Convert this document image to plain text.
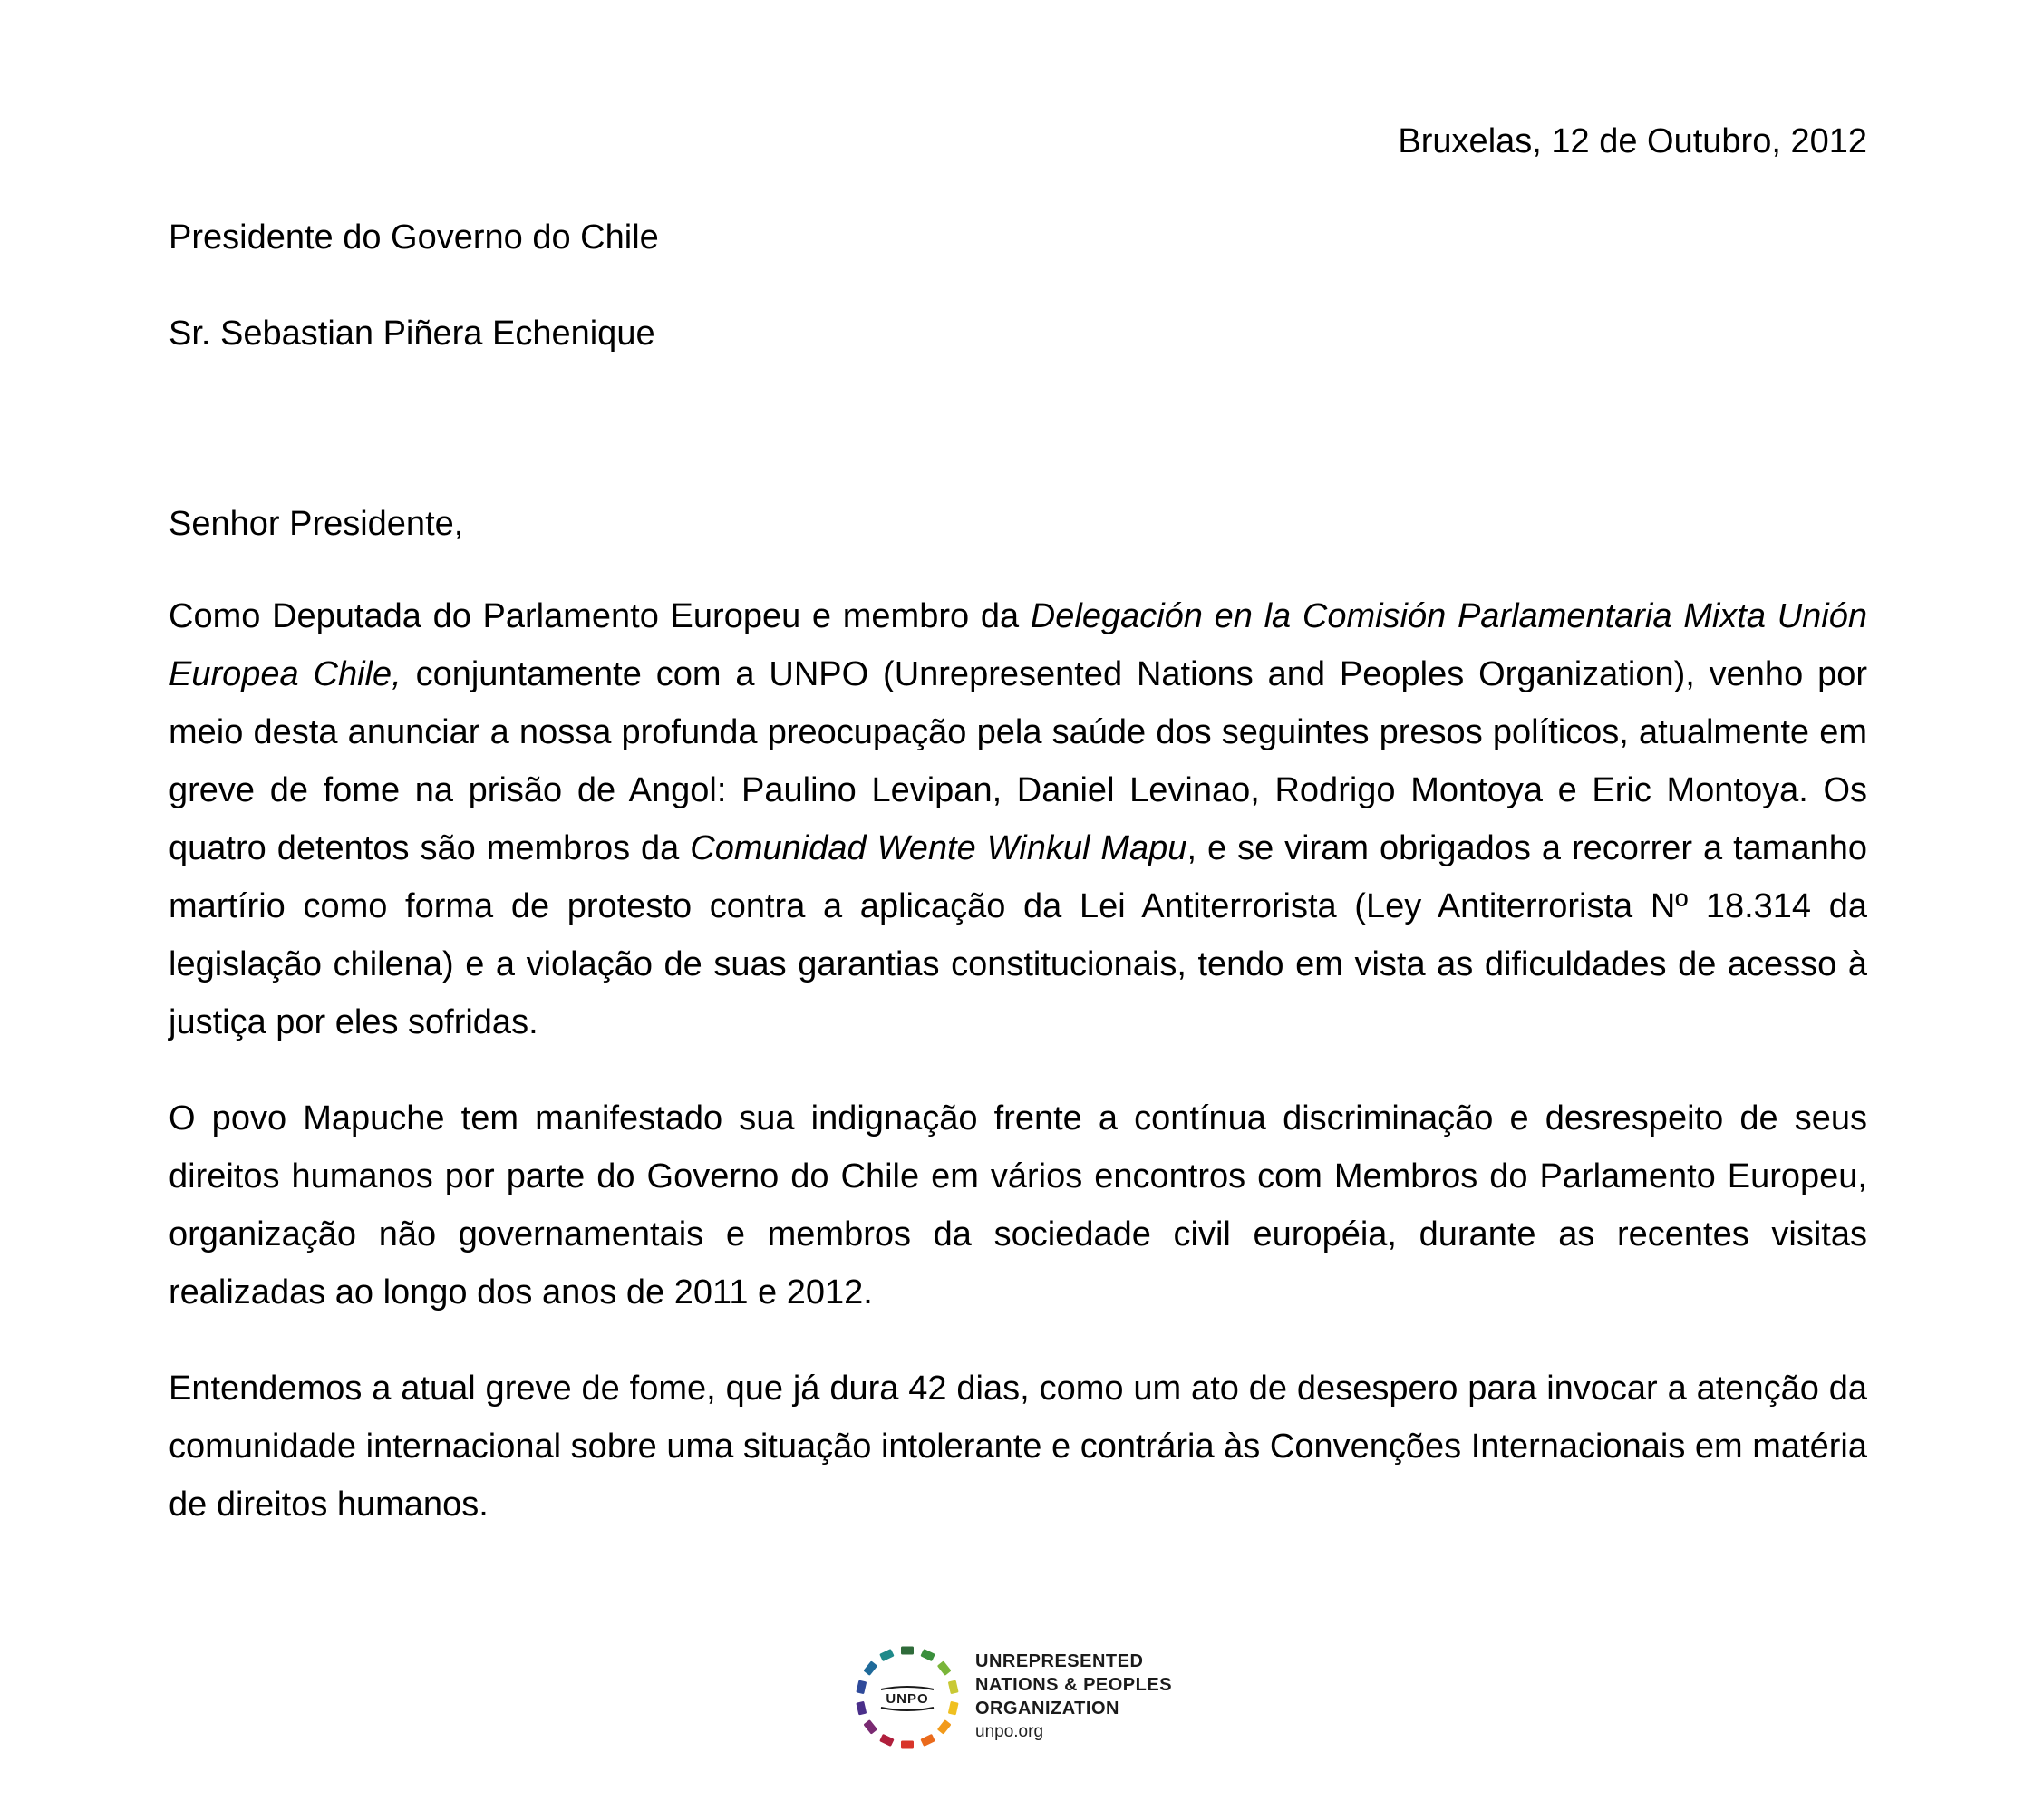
Bruxelas, 12 de Outubro, 2012

Presidente do Governo do Chile

Sr. Sebastian Piñera Echenique

Senhor Presidente,

Como Deputada do Parlamento Europeu e membro da Delegación en la Comisión Parlamentaria Mixta Unión Europea Chile, conjuntamente com a UNPO (Unrepresented Nations and Peoples Organization), venho por meio desta anunciar a nossa profunda preocupação pela saúde dos seguintes presos políticos, atualmente em greve de fome na prisão de Angol: Paulino Levipan, Daniel Levinao, Rodrigo Montoya e Eric Montoya. Os quatro detentos são membros da Comunidad Wente Winkul Mapu, e se viram obrigados a recorrer a tamanho martírio como forma de protesto contra a aplicação da Lei Antiterrorista (Ley Antiterrorista Nº 18.314 da legislação chilena) e a violação de suas garantias constitucionais, tendo em vista as dificuldades de acesso à justiça por eles sofridas.

O povo Mapuche tem manifestado sua indignação frente a contínua discriminação e desrespeito de seus direitos humanos por parte do Governo do Chile em vários encontros com Membros do Parlamento Europeu, organização não governamentais e membros da sociedade civil européia, durante as recentes visitas realizadas ao longo dos anos de 2011 e 2012.

Entendemos a atual greve de fome, que já dura 42 dias, como um ato de desespero para invocar a atenção da comunidade internacional sobre uma situação intolerante e contrária às Convenções Internacionais em matéria de direitos humanos.

UNPO
UNREPRESENTED
NATIONS & PEOPLES
ORGANIZATION
unpo.org
